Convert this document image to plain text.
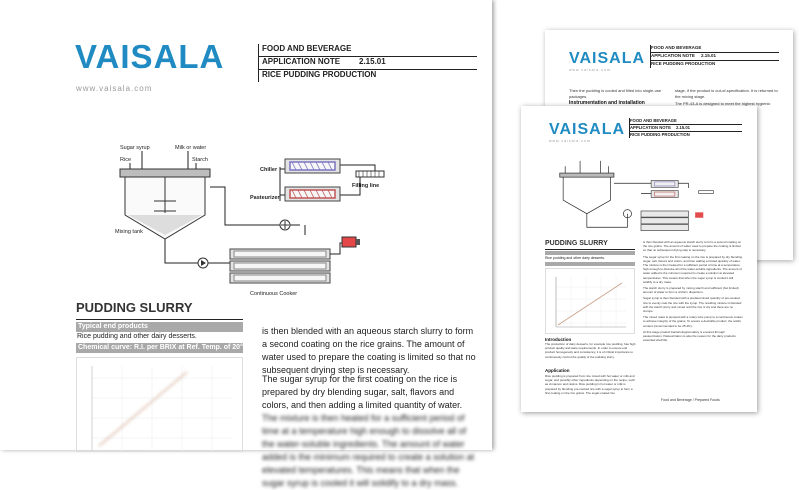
VAISALA
www.vaisala.com
FOOD AND BEVERAGE
APPLICATION NOTE 2.15.01
RICE PUDDING PRODUCTION
Then the pudding is cooled and filled into single-use packages.
Instrumentation and installation
stage, if the product is out-of-specification. It is returned to the mixing stage.
The PR-43-A is designed to meet the highest hygienic
VAISALA
www.vaisala.com
FOOD AND BEVERAGE
APPLICATION NOTE 2.15.01
RICE PUDDING PRODUCTION
PUDDING SLURRY
Rice pudding and other dairy desserts.
Introduction
The production of dairy desserts, for example rice pudding, has high product quality and taste requirements. In order to ensure end product homogeneity and consistency, it is of critical importance to continuously control the quality of the pudding slurry.
Application
Rice pudding is prepared from rice mixed with hot water or milk and sugar, and possibly other ingredients depending on the recipe, such as cinnamon and raisins. Rice pudding in hot water or milk is prepared by blending pre-cooked rice with a sugar syrup to form a first coating on the rice grains. The sugar-coated rice
is then blended with an aqueous starch slurry to form a second coating on the rice grains. The amount of water used to prepare the coating is limited so that no subsequent drying step is necessary.
The sugar syrup for the first coating on the rice is prepared by dry blending sugar, salt, flavors and colors, and then adding a limited quantity of water. The mixture is then heated for a sufficient period of time at a temperature high enough to dissolve all of the water-soluble ingredients. The amount of water added is the minimum required to create a solution at elevated temperatures. This means that when the sugar syrup is cooled it will solidify to a dry mass.
The starch slurry is prepared by mixing starch and sufficient (but limited) amount of water to form a uniform dispersion.
Sugar syrup is then blended with a predetermined quantity of pre-cooked rice to evenly coat the rice with the syrup. The resulting mixture is blended with the starch slurry and mixed until the rice is dry and there are no clumps.
The mixed mass is pumped with a rotary lobe pump to a continuous cooker to achieve integrity of the grains. To ensure a desirable product, the solids content (recommended to be 25.4%).
At this stage product bacteriological safety is ensured through pasteurization. Pasteurization is also the reason for the dairy products extended shelf life.
Food and Beverage / Prepared Foods
VAISALA
www.vaisala.com
FOOD AND BEVERAGE
APPLICATION NOTE 2.15.01
RICE PUDDING PRODUCTION
Sugar syrup	Milk or water
Rice	Starch
Mixing tank
Chiller
Pasteurizer
Filling line
Continuous Cooker
PUDDING SLURRY
Typical end products
Rice pudding and other dairy desserts.
Chemical curve: R.I. per BRIX at Ref. Temp. of 20°C
is then blended with an aqueous starch slurry to form a second coating on the rice grains. The amount of water used to prepare the coating is limited so that no subsequent drying step is necessary.
The sugar syrup for the first coating on the rice is prepared by dry blending sugar, salt, flavors and colors, and then adding a limited quantity of water. The mixture is then heated for a sufficient period of time at a temperature high enough to dissolve all of the water-soluble ingredients. The amount of water added is the minimum required to create a solution at elevated temperatures. This means that when the sugar syrup is cooled it will solidify to a dry mass.
